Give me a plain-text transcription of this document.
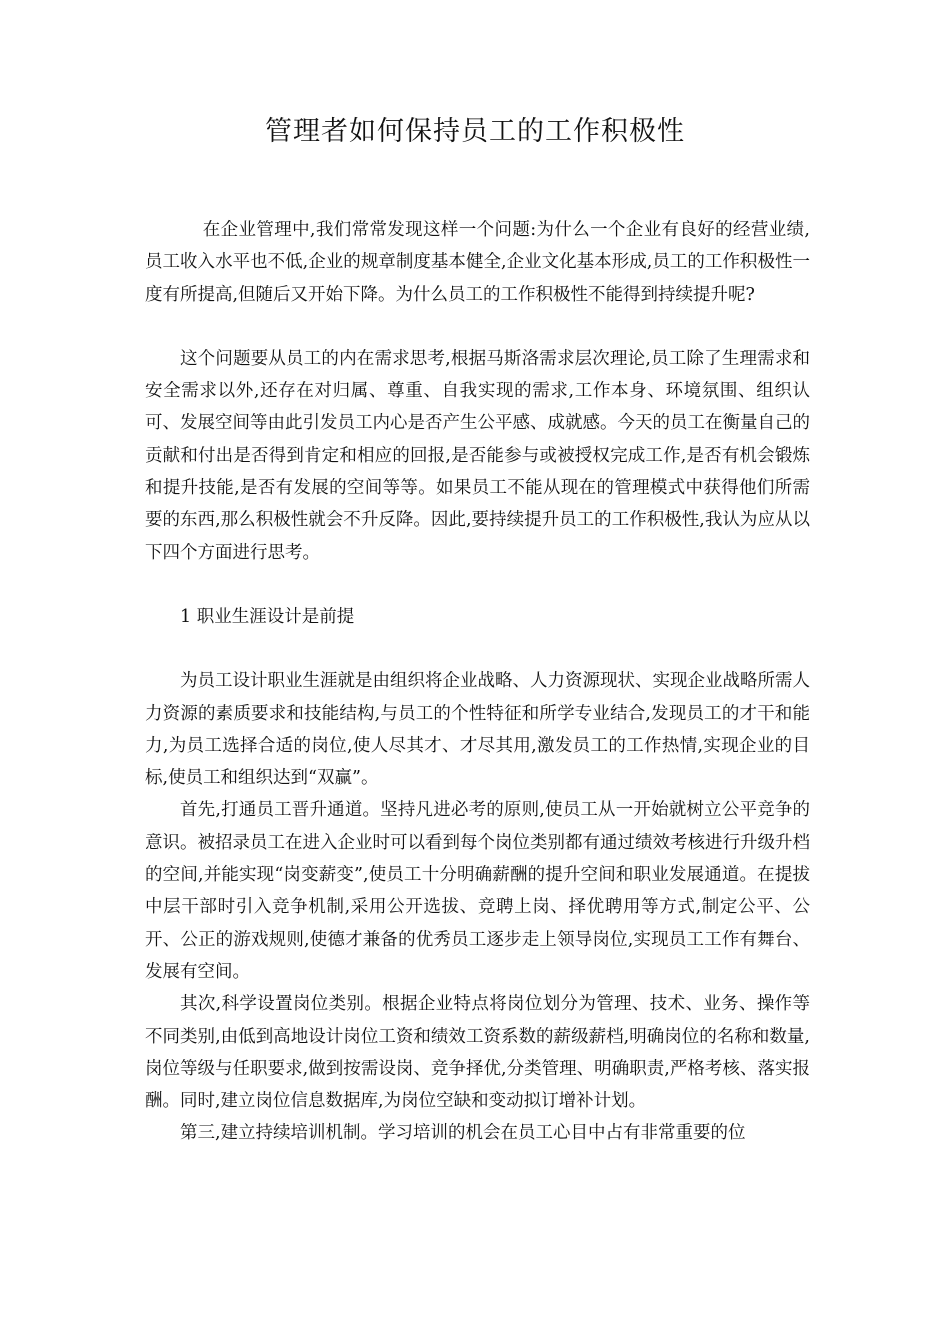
管理者如何保持员工的工作积极性

在企业管理中,我们常常发现这样一个问题:为什么一个企业有良好的经营业绩,员工收入水平也不低,企业的规章制度基本健全,企业文化基本形成,员工的工作积极性一度有所提高,但随后又开始下降。为什么员工的工作积极性不能得到持续提升呢?

这个问题要从员工的内在需求思考,根据马斯洛需求层次理论,员工除了生理需求和安全需求以外,还存在对归属、尊重、自我实现的需求,工作本身、环境氛围、组织认可、发展空间等由此引发员工内心是否产生公平感、成就感。今天的员工在衡量自己的贡献和付出是否得到肯定和相应的回报,是否能参与或被授权完成工作,是否有机会锻炼和提升技能,是否有发展的空间等等。如果员工不能从现在的管理模式中获得他们所需要的东西,那么积极性就会不升反降。因此,要持续提升员工的工作积极性,我认为应从以下四个方面进行思考。

1 职业生涯设计是前提

为员工设计职业生涯就是由组织将企业战略、人力资源现状、实现企业战略所需人力资源的素质要求和技能结构,与员工的个性特征和所学专业结合,发现员工的才干和能力,为员工选择合适的岗位,使人尽其才、才尽其用,激发员工的工作热情,实现企业的目标,使员工和组织达到“双赢”。

首先,打通员工晋升通道。坚持凡进必考的原则,使员工从一开始就树立公平竞争的意识。被招录员工在进入企业时可以看到每个岗位类别都有通过绩效考核进行升级升档的空间,并能实现“岗变薪变”,使员工十分明确薪酬的提升空间和职业发展通道。在提拔中层干部时引入竞争机制,采用公开选拔、竞聘上岗、择优聘用等方式,制定公平、公开、公正的游戏规则,使德才兼备的优秀员工逐步走上领导岗位,实现员工工作有舞台、发展有空间。

其次,科学设置岗位类别。根据企业特点将岗位划分为管理、技术、业务、操作等不同类别,由低到高地设计岗位工资和绩效工资系数的薪级薪档,明确岗位的名称和数量,岗位等级与任职要求,做到按需设岗、竞争择优,分类管理、明确职责,严格考核、落实报酬。同时,建立岗位信息数据库,为岗位空缺和变动拟订增补计划。

第三,建立持续培训机制。学习培训的机会在员工心目中占有非常重要的位
